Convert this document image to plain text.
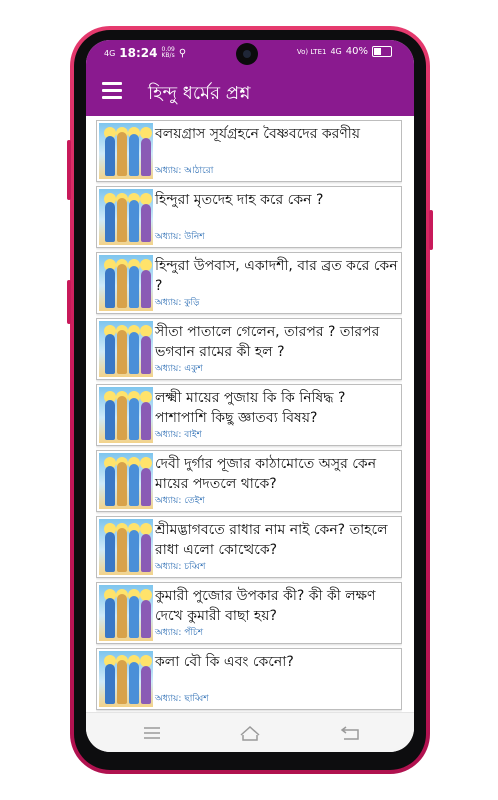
4G 18:24 0.09
KB/s ⚲	Vo) LTE1 4G 40%
হিন্দু ধর্মের প্রশ্ন
বলয়গ্রাস সূর্যগ্রহনে বৈষ্ণবদের করণীয়
অধ্যায়: আঠারো
হিন্দুরা মৃতদেহ দাহ করে কেন ?
অধ্যায়: উনিশ
হিন্দুরা উপবাস, একাদশী, বার ব্রত করে কেন ?
অধ্যায়: কুড়ি
সীতা পাতালে গেলেন, তারপর ? তারপর ভগবান রামের কী হল ?
অধ্যায়: একুশ
লক্ষ্মী মায়ের পুজায় কি কি নিষিদ্ধ ? পাশাপাশি কিছু জ্ঞাতব্য বিষয়?
অধ্যায়: বাইশ
দেবী দুর্গার পূজার কাঠামোতে অসুর কেন মায়ের পদতলে থাকে?
অধ্যায়: তেইশ
শ্রীমদ্ভাগবতে রাধার নাম নাই কেন? তাহলে রাধা এলো কোত্থেকে?
অধ্যায়: চব্বিশ
কুমারী পুজোর উপকার কী? কী কী লক্ষণ দেখে কুমারী বাছা হয়?
অধ্যায়: পঁচিশ
কলা বৌ কি এবং কেনো?
অধ্যায়: ছাব্বিশ
